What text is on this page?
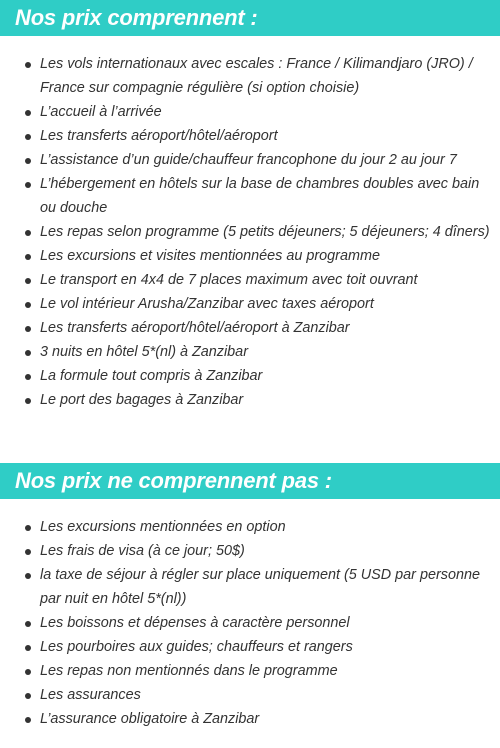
Nos prix comprennent :
Les vols internationaux avec escales : France / Kilimandjaro (JRO) / France sur compagnie régulière (si option choisie)
L’accueil à l’arrivée
Les transferts aéroport/hôtel/aéroport
L’assistance d’un guide/chauffeur francophone du jour 2 au jour 7
L’hébergement en hôtels sur la base de chambres doubles avec bain ou douche
Les repas selon programme (5 petits déjeuners; 5 déjeuners; 4 dîners)
Les excursions et visites mentionnées au programme
Le transport en 4x4 de 7 places maximum avec toit ouvrant
Le vol intérieur Arusha/Zanzibar avec taxes aéroport
Les transferts aéroport/hôtel/aéroport à Zanzibar
3 nuits en hôtel 5*(nl) à Zanzibar
La formule tout compris à Zanzibar
Le port des bagages à Zanzibar
Nos prix ne comprennent pas :
Les excursions mentionnées en option
Les frais de visa (à ce jour; 50$)
la taxe de séjour à régler sur place uniquement (5 USD par personne par nuit en hôtel 5*(nl))
Les boissons et dépenses à caractère personnel
Les pourboires aux guides; chauffeurs et rangers
Les repas non mentionnés dans le programme
Les assurances
L’assurance obligatoire à Zanzibar
